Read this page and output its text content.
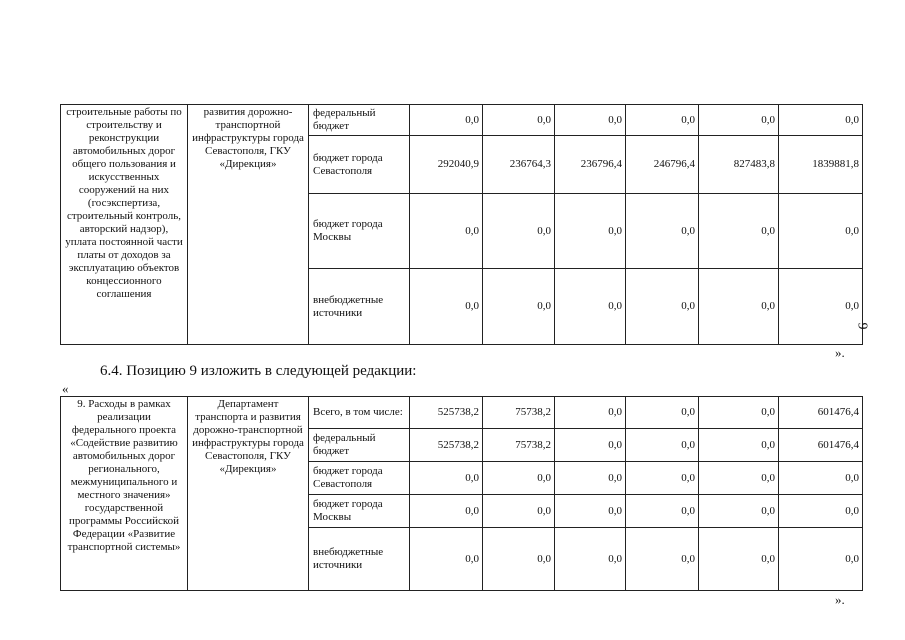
строительные работы по строительству и реконструкции автомобильных дорог общего пользования и искусственных сооружений на них (госэкспертиза, строительный контроль, авторский надзор), уплата постоянной части платы от доходов за эксплуатацию объектов концессионного соглашения	развития дорожно-транспортной инфраструктуры города Севастополя, ГКУ «Дирекция»	федеральный бюджет	0,0	0,0	0,0	0,0	0,0	0,0
		бюджет города Севастополя	292040,9	236764,3	236796,4	246796,4	827483,8	1839881,8
		бюджет города Москвы	0,0	0,0	0,0	0,0	0,0	0,0
		внебюджетные источники	0,0	0,0	0,0	0,0	0,0	0,0
».
9
6.4. Позицию 9 изложить в следующей редакции:
«
9. Расходы в рамках реализации федерального проекта «Содействие развитию автомобильных дорог регионального, межмуниципального и местного значения» государственной программы Российской Федерации «Развитие транспортной системы»	Департамент транспорта и развития дорожно-транспортной инфраструктуры города Севастополя, ГКУ «Дирекция»	Всего, в том числе:	525738,2	75738,2	0,0	0,0	0,0	601476,4
		федеральный бюджет	525738,2	75738,2	0,0	0,0	0,0	601476,4
		бюджет города Севастополя	0,0	0,0	0,0	0,0	0,0	0,0
		бюджет города Москвы	0,0	0,0	0,0	0,0	0,0	0,0
		внебюджетные источники	0,0	0,0	0,0	0,0	0,0	0,0
».
